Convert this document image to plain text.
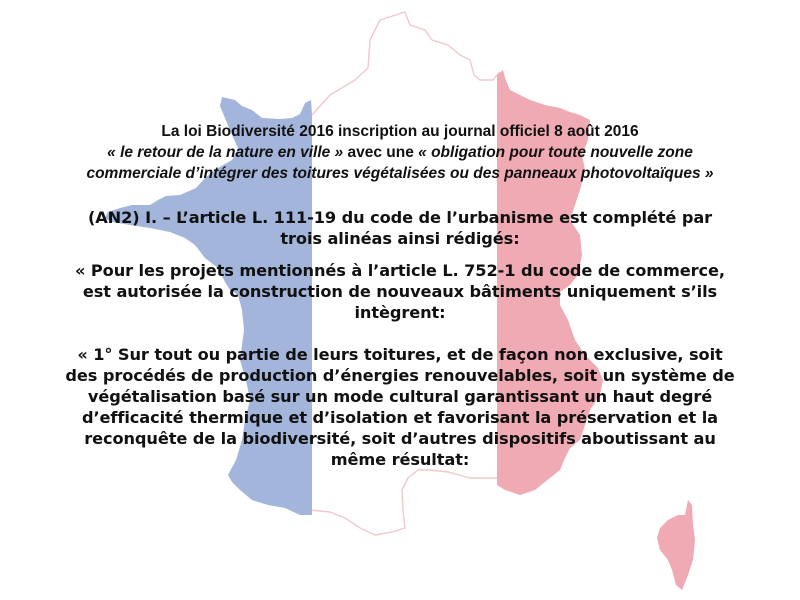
La loi Biodiversité 2016 inscription au journal officiel 8 août 2016
« le retour de la nature en ville » avec une « obligation pour toute nouvelle zone
commerciale d’intégrer des toitures végétalisées ou des panneaux photovoltaïques »
(AN2) I. – L’article L. 111-19 du code de l’urbanisme est complété par
trois alinéas ainsi rédigés:
« Pour les projets mentionnés à l’article L. 752-1 du code de commerce,
est autorisée la construction de nouveaux bâtiments uniquement s’ils
intègrent:
« 1° Sur tout ou partie de leurs toitures, et de façon non exclusive, soit
des procédés de production d’énergies renouvelables, soit un système de
végétalisation basé sur un mode cultural garantissant un haut degré
d’efficacité thermique et d’isolation et favorisant la préservation et la
reconquête de la biodiversité, soit d’autres dispositifs aboutissant au
même résultat:
